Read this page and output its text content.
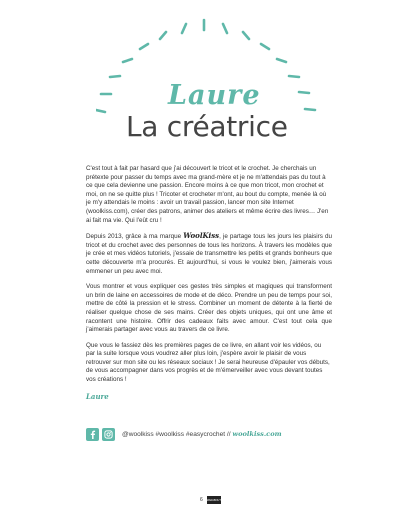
Laure
La créatrice

C'est tout à fait par hasard que j'ai découvert le tricot et le crochet. Je cherchais un prétexte pour passer du temps avec ma grand-mère et je ne m'attendais pas du tout à ce que cela devienne une passion. Encore moins à ce que mon tricot, mon crochet et moi, on ne se quitte plus ! Tricoter et crocheter m'ont, au bout du compte, menée là où je m'y attendais le moins : avoir un travail passion, lancer mon site Internet (woolkiss.com), créer des patrons, animer des ateliers et même écrire des livres… J'en ai fait ma vie. Qui l'eût cru !

Depuis 2013, grâce à ma marque WoolKiss, je partage tous les jours les plaisirs du tricot et du crochet avec des personnes de tous les horizons. À travers les modèles que je crée et mes vidéos tutoriels, j'essaie de transmettre les petits et grands bonheurs que cette découverte m'a procurés. Et aujourd'hui, si vous le voulez bien, j'aimerais vous emmener un peu avec moi.

Vous montrer et vous expliquer ces gestes très simples et magiques qui transforment un brin de laine en accessoires de mode et de déco. Prendre un peu de temps pour soi, mettre de côté la pression et le stress. Combiner un moment de détente à la fierté de réaliser quelque chose de ses mains. Créer des objets uniques, qui ont une âme et racontent une histoire. Offrir des cadeaux faits avec amour. C'est tout cela que j'aimerais partager avec vous au travers de ce livre.

Que vous le fassiez dès les premières pages de ce livre, en allant voir les vidéos, ou par la suite lorsque vous voudrez aller plus loin, j'espère avoir le plaisir de vous retrouver sur mon site ou les réseaux sociaux ! Je serai heureuse d'épauler vos débuts, de vous accompagner dans vos progrès et de m'émerveiller avec vous devant toutes vos créations !

Laure
@woolkiss #woolkiss #easycrochet // woolkiss.com
6 MARABOUT
